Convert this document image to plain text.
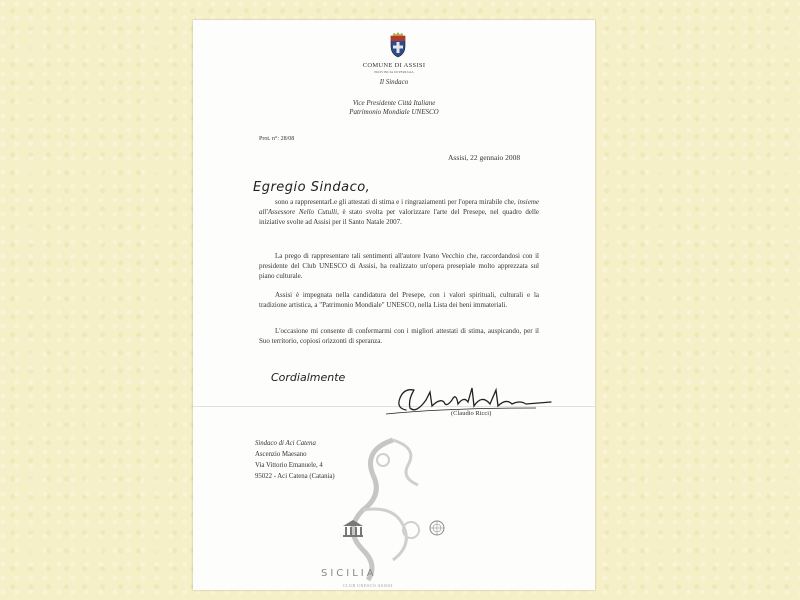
COMUNE DI ASSISI
PROVINCIA DI PERUGIA
Il Sindaco
Vice Presidente Città Italiane
Patrimonio Mondiale UNESCO
Prot. n°: 28/08
Assisi, 22 gennaio 2008
Egregio Sindaco,
sono a rappresentarLe gli attestati di stima e i ringraziamenti per l'opera mirabile che, insieme all'Assessore Nello Cutulli, è stato svolta per valorizzare l'arte del Presepe, nel quadro delle iniziative svolte ad Assisi per il Santo Natale 2007.
La prego di rappresentare tali sentimenti all'autore Ivano Vecchio che, raccordandosi con il presidente del Club UNESCO di Assisi, ha realizzato un'opera presepiale molto apprezzata sul piano culturale.
Assisi è impegnata nella candidatura del Presepe, con i valori spirituali, culturali e la tradizione artistica, a "Patrimonio Mondiale" UNESCO, nella Lista dei beni immateriali.
L'occasione mi consente di confermarmi con i migliori attestati di stima, auspicando, per il Suo territorio, copiosi orizzonti di speranza.
Cordialmente
(Claudio Ricci)
Sindaco di Aci Catena
Ascenzio Maesano
Via Vittorio Emanuele, 4
95022 - Aci Catena (Catania)
SICILIA
CLUB UNESCO ASSISI
